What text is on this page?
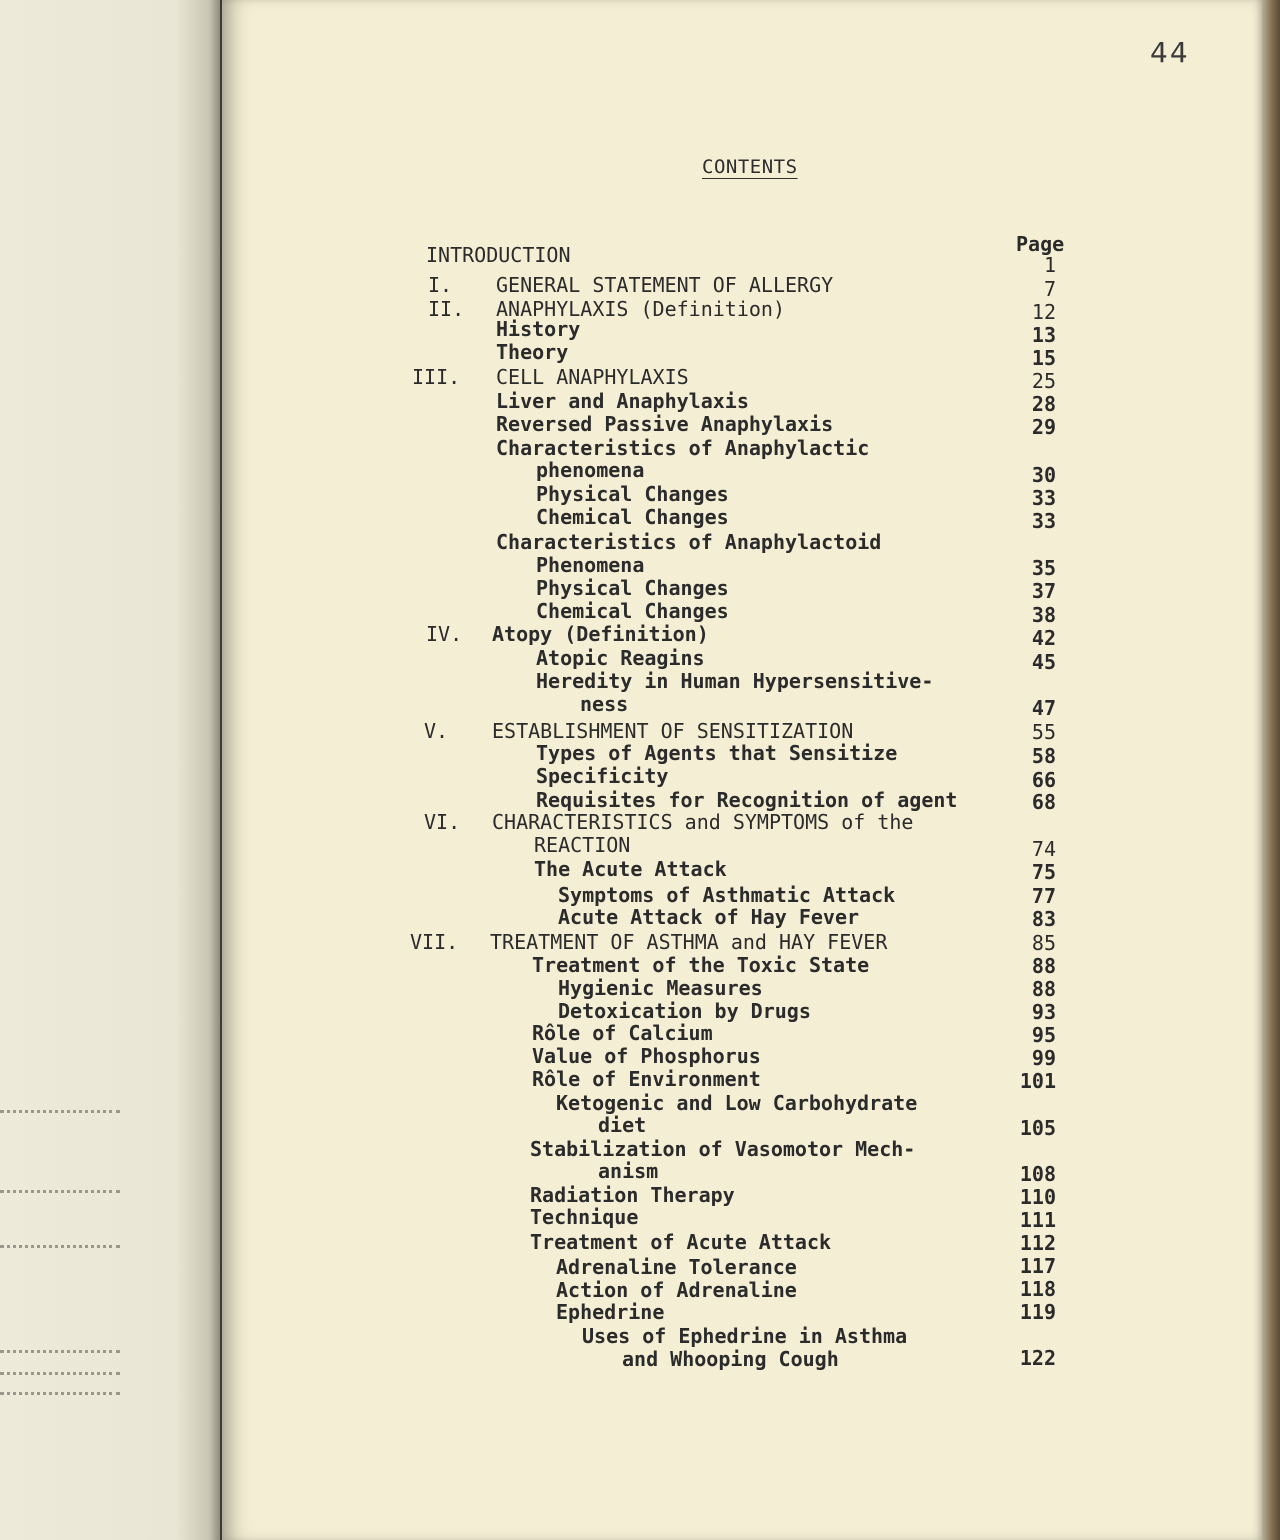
44
CONTENTS
Page
INTRODUCTION	1
I. GENERAL STATEMENT OF ALLERGY	7
II. ANAPHYLAXIS (Definition)	12
History	13
Theory	15
III. CELL ANAPHYLAXIS	25
Liver and Anaphylaxis	28
Reversed Passive Anaphylaxis	29
Characteristics of Anaphylactic
phenomena	30
Physical Changes	33
Chemical Changes	33
Characteristics of Anaphylactoid
Phenomena	35
Physical Changes	37
Chemical Changes	38
IV. Atopy (Definition)	42
Atopic Reagins	45
Heredity in Human Hypersensitive-
ness	47
V. ESTABLISHMENT OF SENSITIZATION	55
Types of Agents that Sensitize	58
Specificity	66
Requisites for Recognition of agent	68
VI. CHARACTERISTICS and SYMPTOMS of the
REACTION	74
The Acute Attack	75
Symptoms of Asthmatic Attack	77
Acute Attack of Hay Fever	83
VII. TREATMENT OF ASTHMA and HAY FEVER	85
Treatment of the Toxic State	88
Hygienic Measures	88
Detoxication by Drugs	93
Rôle of Calcium	95
Value of Phosphorus	99
Rôle of Environment	101
Ketogenic and Low Carbohydrate
diet	105
Stabilization of Vasomotor Mech-
anism	108
Radiation Therapy	110
Technique	111
Treatment of Acute Attack	112
Adrenaline Tolerance	117
Action of Adrenaline	118
Ephedrine	119
Uses of Ephedrine in Asthma
and Whooping Cough	122
